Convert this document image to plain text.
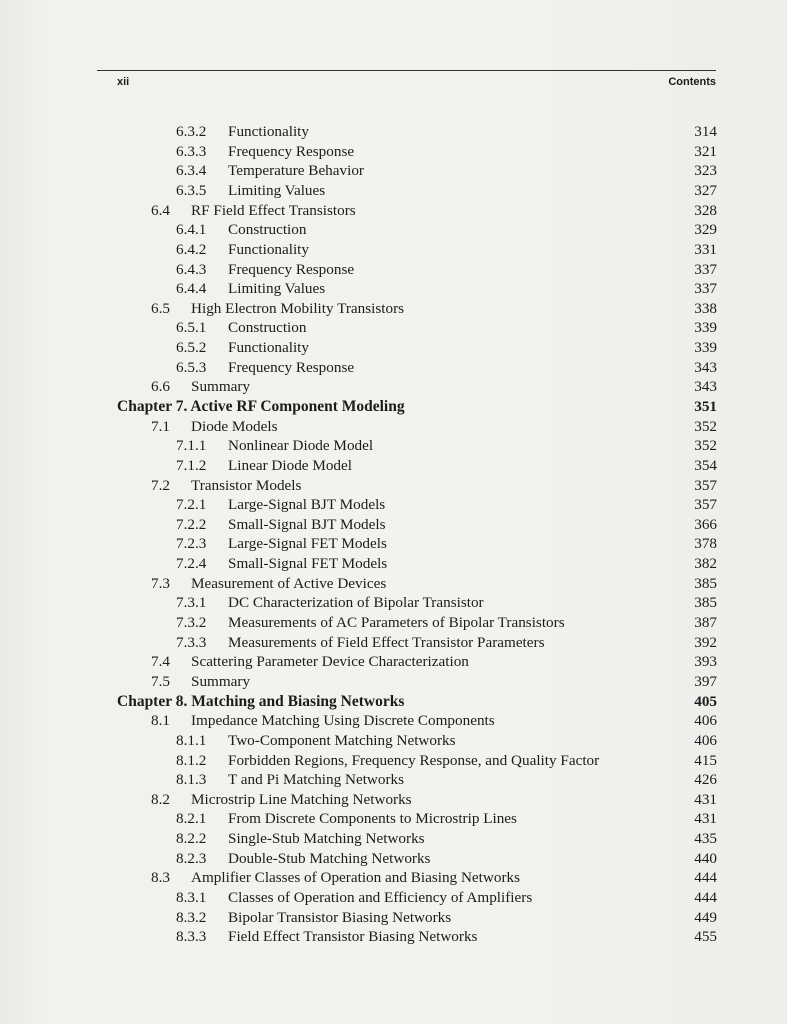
xii	Contents
6.3.2 Functionality	314
6.3.3 Frequency Response	321
6.3.4 Temperature Behavior	323
6.3.5 Limiting Values	327
6.4 RF Field Effect Transistors	328
6.4.1 Construction	329
6.4.2 Functionality	331
6.4.3 Frequency Response	337
6.4.4 Limiting Values	337
6.5 High Electron Mobility Transistors	338
6.5.1 Construction	339
6.5.2 Functionality	339
6.5.3 Frequency Response	343
6.6 Summary	343
Chapter 7. Active RF Component Modeling	351
7.1 Diode Models	352
7.1.1 Nonlinear Diode Model	352
7.1.2 Linear Diode Model	354
7.2 Transistor Models	357
7.2.1 Large-Signal BJT Models	357
7.2.2 Small-Signal BJT Models	366
7.2.3 Large-Signal FET Models	378
7.2.4 Small-Signal FET Models	382
7.3 Measurement of Active Devices	385
7.3.1 DC Characterization of Bipolar Transistor	385
7.3.2 Measurements of AC Parameters of Bipolar Transistors	387
7.3.3 Measurements of Field Effect Transistor Parameters	392
7.4 Scattering Parameter Device Characterization	393
7.5 Summary	397
Chapter 8. Matching and Biasing Networks	405
8.1 Impedance Matching Using Discrete Components	406
8.1.1 Two-Component Matching Networks	406
8.1.2 Forbidden Regions, Frequency Response, and Quality Factor	415
8.1.3 T and Pi Matching Networks	426
8.2 Microstrip Line Matching Networks	431
8.2.1 From Discrete Components to Microstrip Lines	431
8.2.2 Single-Stub Matching Networks	435
8.2.3 Double-Stub Matching Networks	440
8.3 Amplifier Classes of Operation and Biasing Networks	444
8.3.1 Classes of Operation and Efficiency of Amplifiers	444
8.3.2 Bipolar Transistor Biasing Networks	449
8.3.3 Field Effect Transistor Biasing Networks	455
